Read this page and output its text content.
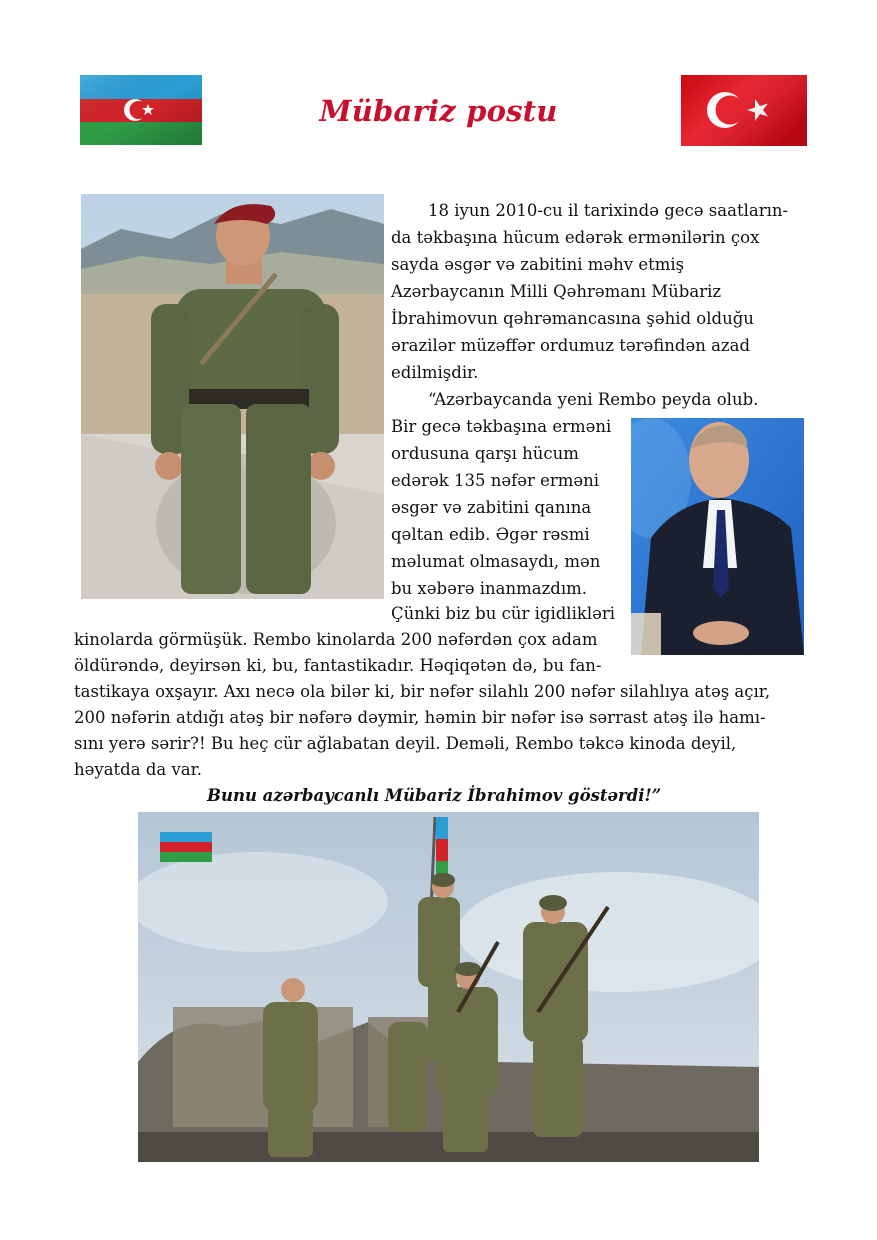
Mübariz postu
18 iyun 2010-cu il tarixində gecə saatların-
da təkbaşına hücum edərək ermənilərin çox
sayda əsgər və zabitini məhv etmiş
Azərbaycanın Milli Qəhrəmanı Mübariz
İbrahimovun qəhrəmancasına şəhid olduğu
ərazilər müzəffər ordumuz tərəfindən azad
edilmişdir.
“Azərbaycanda yeni Rembo peyda olub.
Bir gecə təkbaşına erməni
ordusuna qarşı hücum
edərək 135 nəfər erməni
əsgər və zabitini qanına
qəltan edib. Əgər rəsmi
məlumat olmasaydı, mən
bu xəbərə inanmazdım.
Çünki biz bu cür igidlikləri
kinolarda görmüşük. Rembo kinolarda 200 nəfərdən çox adam
öldürəndə, deyirsən ki, bu, fantastikadır. Həqiqətən də, bu fan-
tastikaya oxşayır. Axı necə ola bilər ki, bir nəfər silahlı 200 nəfər silahlıya atəş açır,
200 nəfərin atdığı atəş bir nəfərə dəymir, həmin bir nəfər isə sərrast atəş ilə hamı-
sını yerə sərir?! Bu heç cür ağlabatan deyil. Deməli, Rembo təkcə kinoda deyil,
həyatda da var.
Bunu azərbaycanlı Mübariz İbrahimov göstərdi!”
